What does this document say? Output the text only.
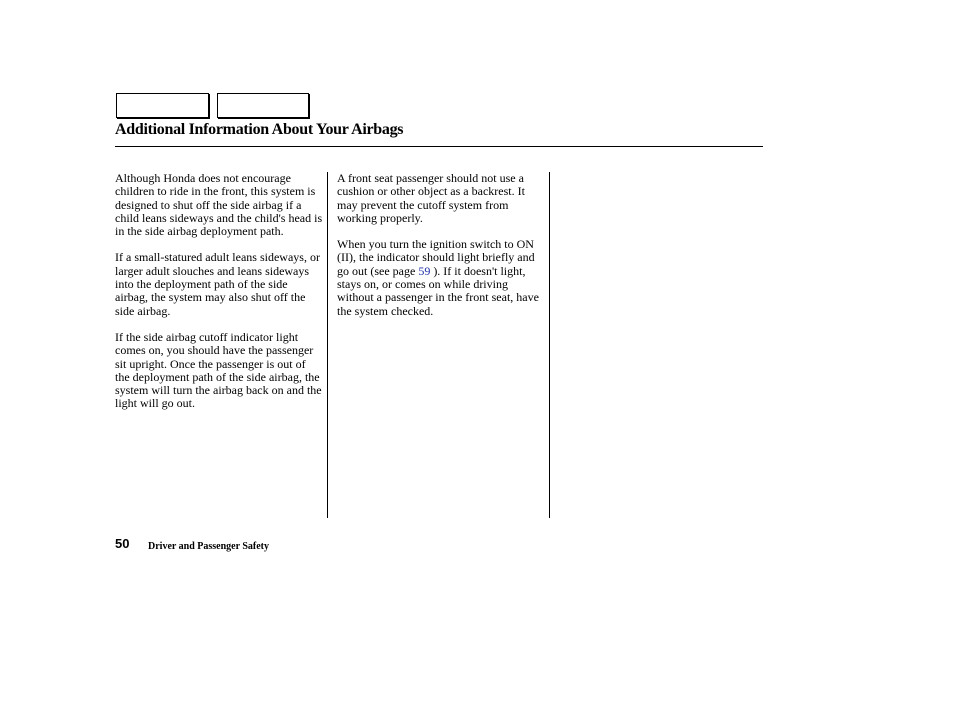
Additional Information About Your Airbags

Although Honda does not encourage children to ride in the front, this system is designed to shut off the side airbag if a child leans sideways and the child's head is in the side airbag deployment path.

If a small-statured adult leans sideways, or larger adult slouches and leans sideways into the deployment path of the side airbag, the system may also shut off the side airbag.

If the side airbag cutoff indicator light comes on, you should have the passenger sit upright. Once the passenger is out of the deployment path of the side airbag, the system will turn the airbag back on and the light will go out.

A front seat passenger should not use a cushion or other object as a backrest. It may prevent the cutoff system from working properly.

When you turn the ignition switch to ON (II), the indicator should light briefly and go out (see page 59 ). If it doesn't light, stays on, or comes on while driving without a passenger in the front seat, have the system checked.

50 Driver and Passenger Safety
